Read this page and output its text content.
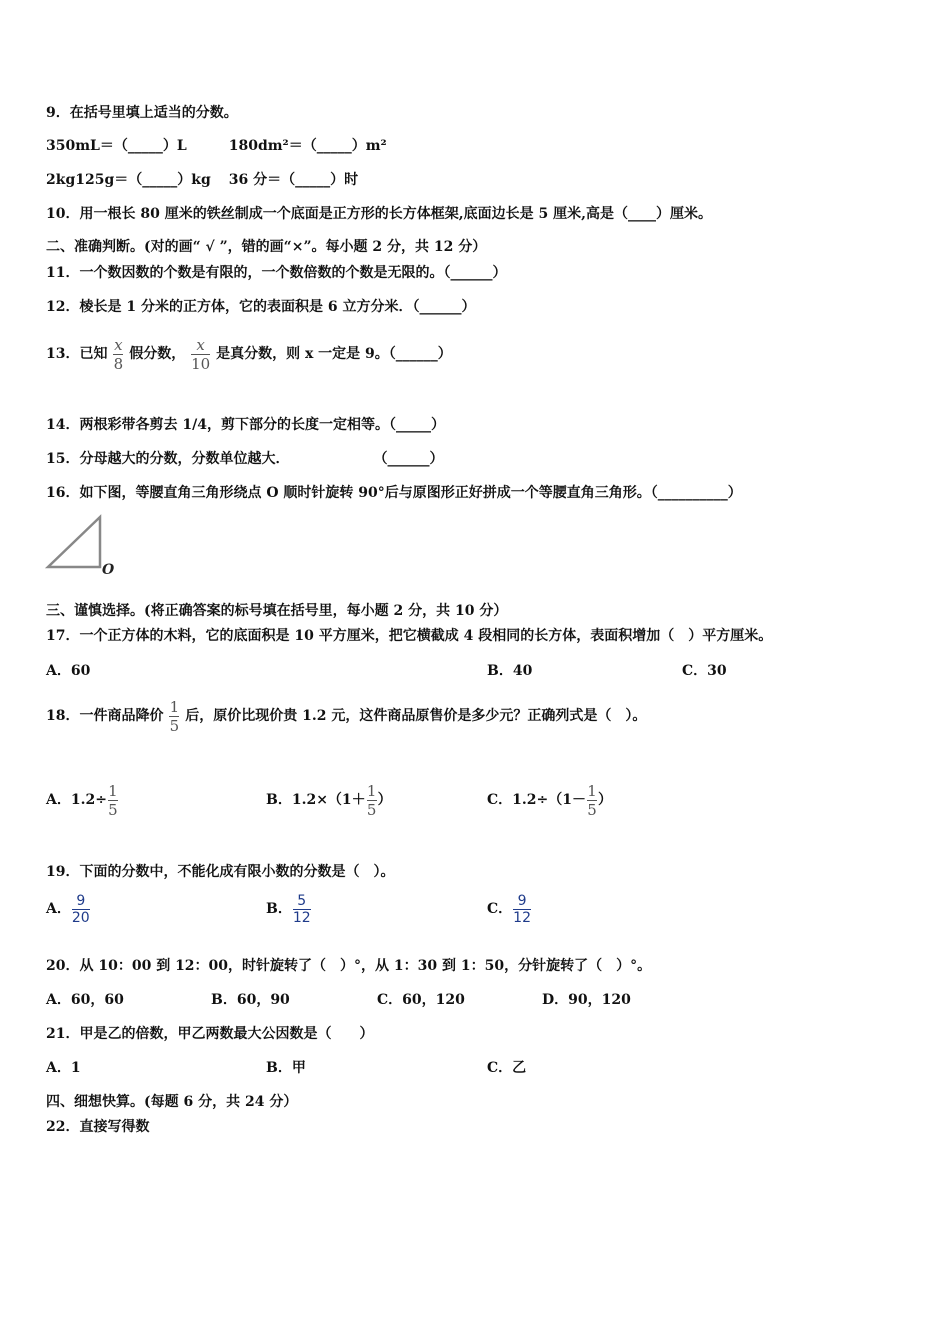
9．在括号里填上适当的分数。
350mL＝（_____）L	180dm²＝（_____）m²
2kg125g＝（_____）kg 36 分＝（_____）时
10．用一根长 80 厘米的铁丝制成一个底面是正方形的长方体框架,底面边长是 5 厘米,高是（____）厘米。
二、准确判断。(对的画“ √ ”，错的画“×”。每小题 2 分，共 12 分）
11．一个数因数的个数是有限的，一个数倍数的个数是无限的。（______）
12．棱长是 1 分米的正方体，它的表面积是 6 立方分米．（______）
13．已知 $\frac{x}{8}$ 假分数， $\frac{x}{10}$ 是真分数，则 x 一定是 9。（______）
14．两根彩带各剪去 1/4，剪下部分的长度一定相等。（_____）
15．分母越大的分数，分数单位越大．	（______）
16．如下图，等腰直角三角形绕点 O 顺时针旋转 90°后与原图形正好拼成一个等腰直角三角形。（__________）
O
三、谨慎选择。(将正确答案的标号填在括号里，每小题 2 分，共 10 分）
17．一个正方体的木料，它的底面积是 10 平方厘米，把它横截成 4 段相同的长方体，表面积增加（　）平方厘米。
A．60	B．40	C．30
18．一件商品降价 $\frac{1}{5}$ 后，原价比现价贵 1.2 元，这件商品原售价是多少元？正确列式是（　）。
A．$1.2\div \frac{1}{5}$	B．$1.2\times(1+ \frac{1}{5}$ ）	C．$1.2\div(1- \frac{1}{5}$ ）
19．下面的分数中，不能化成有限小数的分数是（　）。
A． $\frac{9}{20}$	B． $\frac{5}{12}$	C． $\frac{9}{12}$
20．从 10：00 到 12：00，时针旋转了（　）°，从 1：30 到 1：50，分针旋转了（　）°。
A．60，60	B．60，90	C．60，120	D．90，120
21．甲是乙的倍数，甲乙两数最大公因数是（　　）
A．1	B．甲	C．乙
四、细想快算。(每题 6 分，共 24 分）
22．直接写得数
